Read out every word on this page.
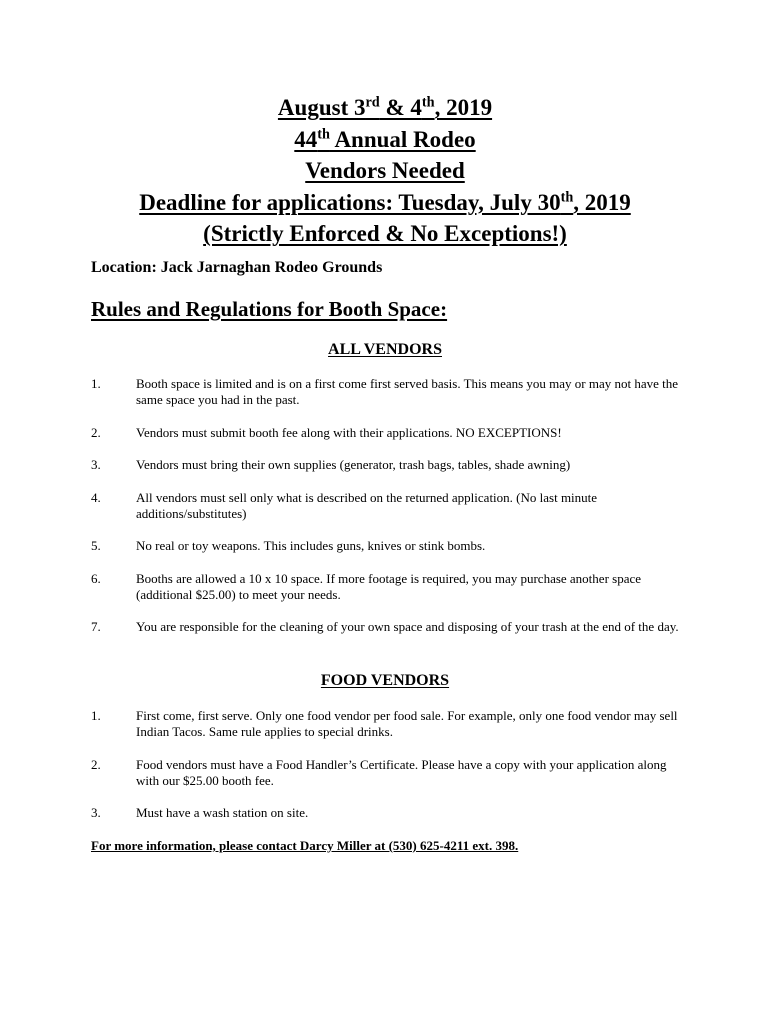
August 3rd & 4th, 2019
44th Annual Rodeo
Vendors Needed
Deadline for applications: Tuesday, July 30th, 2019
(Strictly Enforced & No Exceptions!)

Location: Jack Jarnaghan Rodeo Grounds

Rules and Regulations for Booth Space:
ALL VENDORS
1.	Booth space is limited and is on a first come first served basis. This means you may or may not have the same space you had in the past.
2.	Vendors must submit booth fee along with their applications. NO EXCEPTIONS!
3.	Vendors must bring their own supplies (generator, trash bags, tables, shade awning)
4.	All vendors must sell only what is described on the returned application. (No last minute additions/substitutes)
5.	No real or toy weapons. This includes guns, knives or stink bombs.
6.	Booths are allowed a 10 x 10 space. If more footage is required, you may purchase another space (additional $25.00) to meet your needs.
7.	You are responsible for the cleaning of your own space and disposing of your trash at the end of the day.
FOOD VENDORS
1.	First come, first serve. Only one food vendor per food sale. For example, only one food vendor may sell Indian Tacos. Same rule applies to special drinks.
2.	Food vendors must have a Food Handler’s Certificate. Please have a copy with your application along with our $25.00 booth fee.
3.	Must have a wash station on site.

For more information, please contact Darcy Miller at (530) 625-4211 ext. 398.
